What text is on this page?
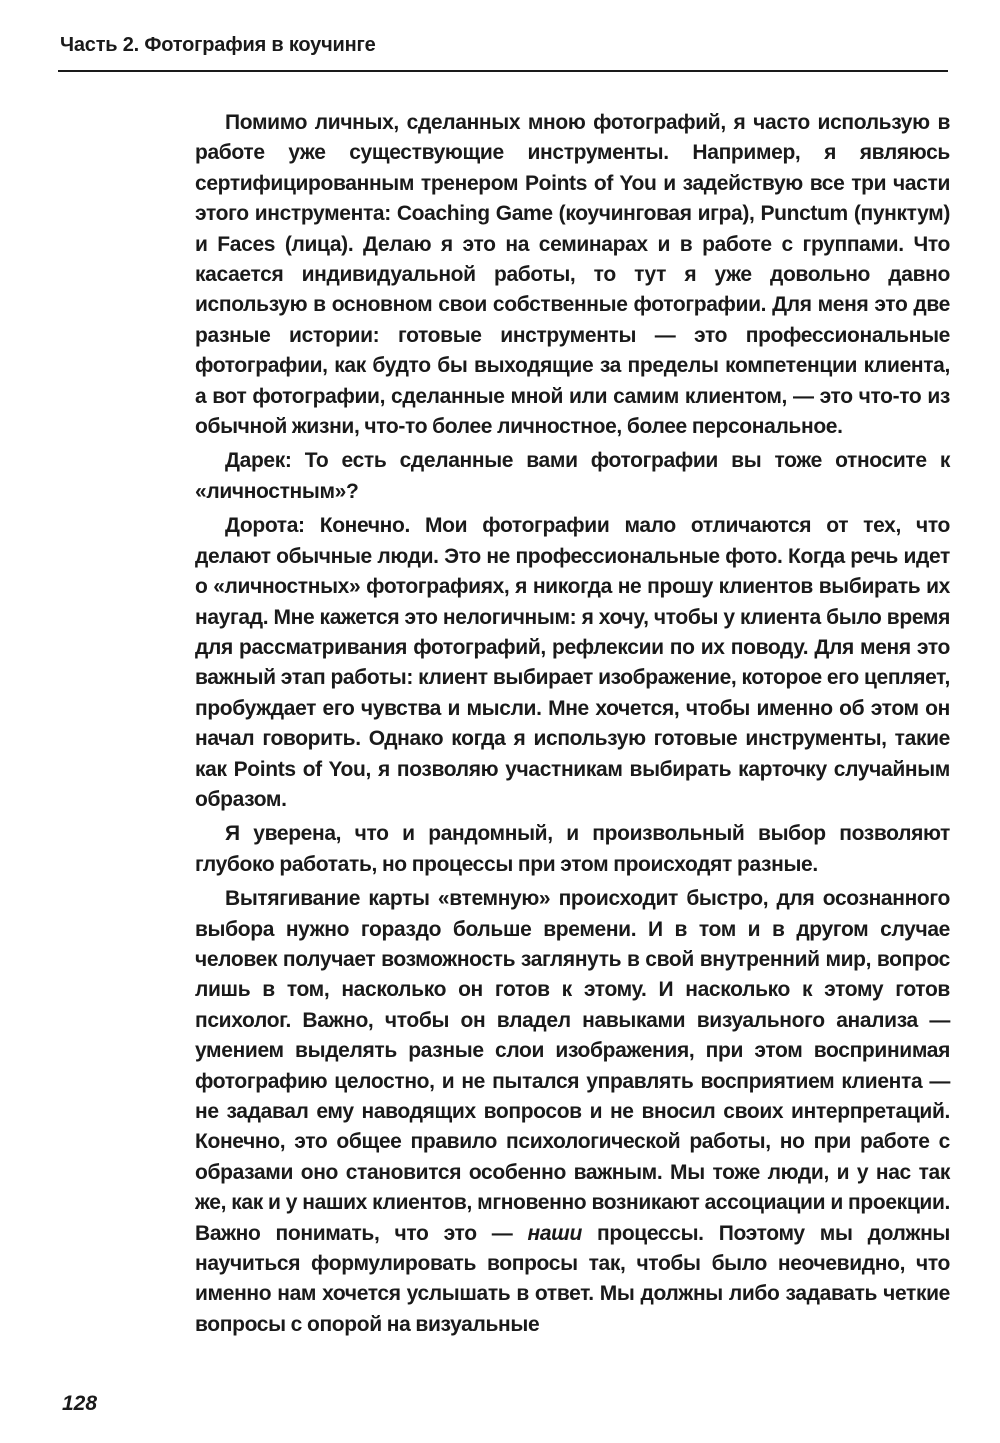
Часть 2. Фотография в коучинге

Помимо личных, сделанных мною фотографий, я часто использую в работе уже существующие инструменты. Например, я являюсь сертифицированным тренером Points of You и задействую все три части этого инструмента: Coaching Game (коучинговая игра), Punctum (пунктум) и Faces (лица). Делаю я это на семинарах и в работе с группами. Что касается индивидуальной работы, то тут я уже довольно давно использую в основном свои собственные фотографии. Для меня это две разные истории: готовые инструменты — это профессиональные фотографии, как будто бы выходящие за пределы компетенции клиента, а вот фотографии, сделанные мной или самим клиентом, — это что-то из обычной жизни, что-то более личностное, более персональное.

Дарек: То есть сделанные вами фотографии вы тоже относите к «личностным»?

Дорота: Конечно. Мои фотографии мало отличаются от тех, что делают обычные люди. Это не профессиональные фото. Когда речь идет о «личностных» фотографиях, я никогда не прошу клиентов выбирать их наугад. Мне кажется это нелогичным: я хочу, чтобы у клиента было время для рассматривания фотографий, рефлексии по их поводу. Для меня это важный этап работы: клиент выбирает изображение, которое его цепляет, пробуждает его чувства и мысли. Мне хочется, чтобы именно об этом он начал говорить. Однако когда я использую готовые инструменты, такие как Points of You, я позволяю участникам выбирать карточку случайным образом.

Я уверена, что и рандомный, и произвольный выбор позволяют глубоко работать, но процессы при этом происходят разные.

Вытягивание карты «втемную» происходит быстро, для осознанного выбора нужно гораздо больше времени. И в том и в другом случае человек получает возможность заглянуть в свой внутренний мир, вопрос лишь в том, насколько он готов к этому. И насколько к этому готов психолог. Важно, чтобы он владел навыками визуального анализа — умением выделять разные слои изображения, при этом воспринимая фотографию целостно, и не пытался управлять восприятием клиента — не задавал ему наводящих вопросов и не вносил своих интерпретаций. Конечно, это общее правило психологической работы, но при работе с образами оно становится особенно важным. Мы тоже люди, и у нас так же, как и у наших клиентов, мгновенно возникают ассоциации и проекции. Важно понимать, что это — наши процессы. Поэтому мы должны научиться формулировать вопросы так, чтобы было неочевидно, что именно нам хочется услышать в ответ. Мы должны либо задавать четкие вопросы с опорой на визуальные

128
